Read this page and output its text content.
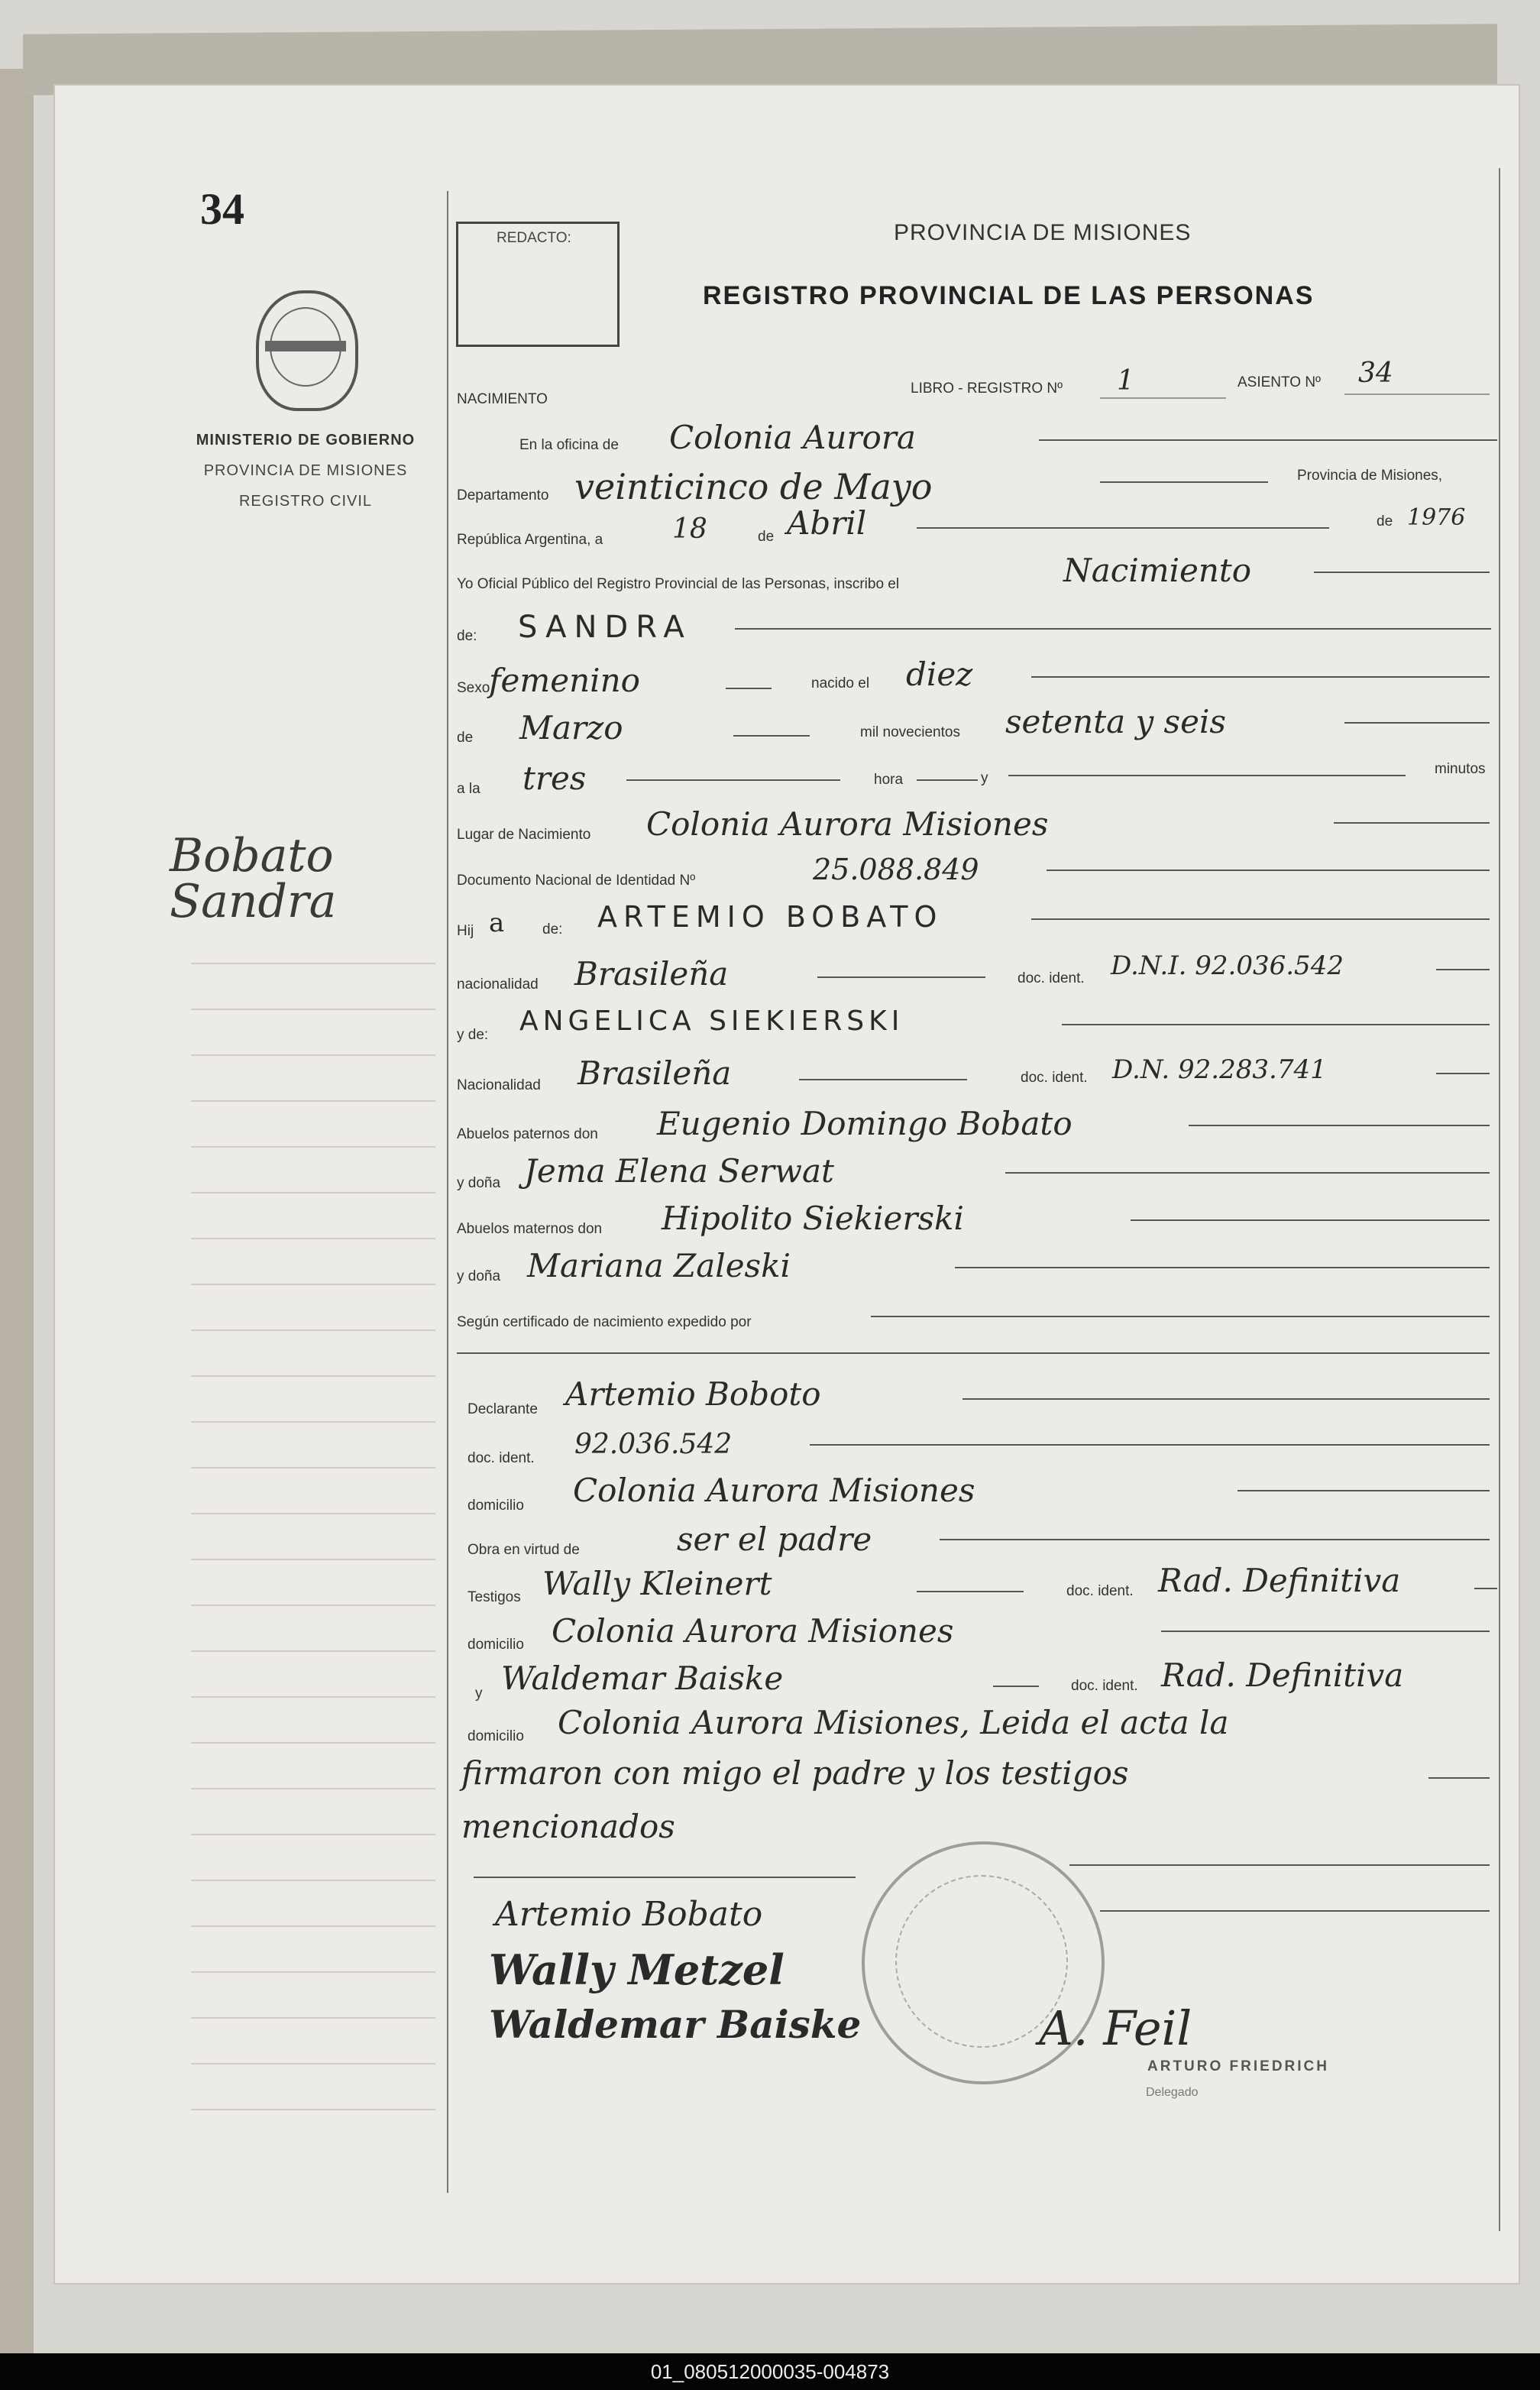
34
MINISTERIO DE GOBIERNO
PROVINCIA DE MISIONES
REGISTRO CIVIL
Bobato
Sandra
REDACTO:	PROVINCIA DE MISIONES
REGISTRO PROVINCIAL DE LAS PERSONAS
NACIMIENTO
LIBRO - REGISTRO Nº 1	ASIENTO Nº 34
En la oficina de Colonia Aurora
Departamento veinticinco de Mayo	Provincia de Misiones,
República Argentina, a	18	de Abril	de 1976
Yo Oficial Público del Registro Provincial de las Personas, inscribo el	Nacimiento
de: SANDRA
Sexo
femenino	nacido el diez
de Marzo	mil novecientos setenta y seis
a la tres	hora	y
minutos
Lugar de Nacimiento Colonia Aurora Misiones
Documento Nacional de Identidad Nº	25.088.849
Hij a	de: ARTEMIO BOBATO
nacionalidad Brasileña	doc. ident. D.N.I. 92.036.542
y de: ANGELICA SIEKIERSKI
Nacionalidad Brasileña	doc. ident. D.N. 92.283.741
Abuelos paternos don Eugenio Domingo Bobato
y doña Jema Elena Serwat
Abuelos maternos don Hipolito Siekierski
y doña Mariana Zaleski
Según certificado de nacimiento expedido por
Declarante Artemio Boboto
doc. ident. 92.036.542
domicilio Colonia Aurora Misiones
Obra en virtud de	ser el padre
Testigos Wally Kleinert	doc. ident. Rad. Definitiva
domicilio Colonia Aurora Misiones
y Waldemar Baiske	doc. ident. Rad. Definitiva
domicilio Colonia Aurora Misiones, Leida el acta la
firmaron con migo el padre y los testigos
mencionados
Artemio Bobato
Wally Metzel
Waldemar Baiske	A. Feil
ARTURO FRIEDRICH
Delegado
01_080512000035-004873
